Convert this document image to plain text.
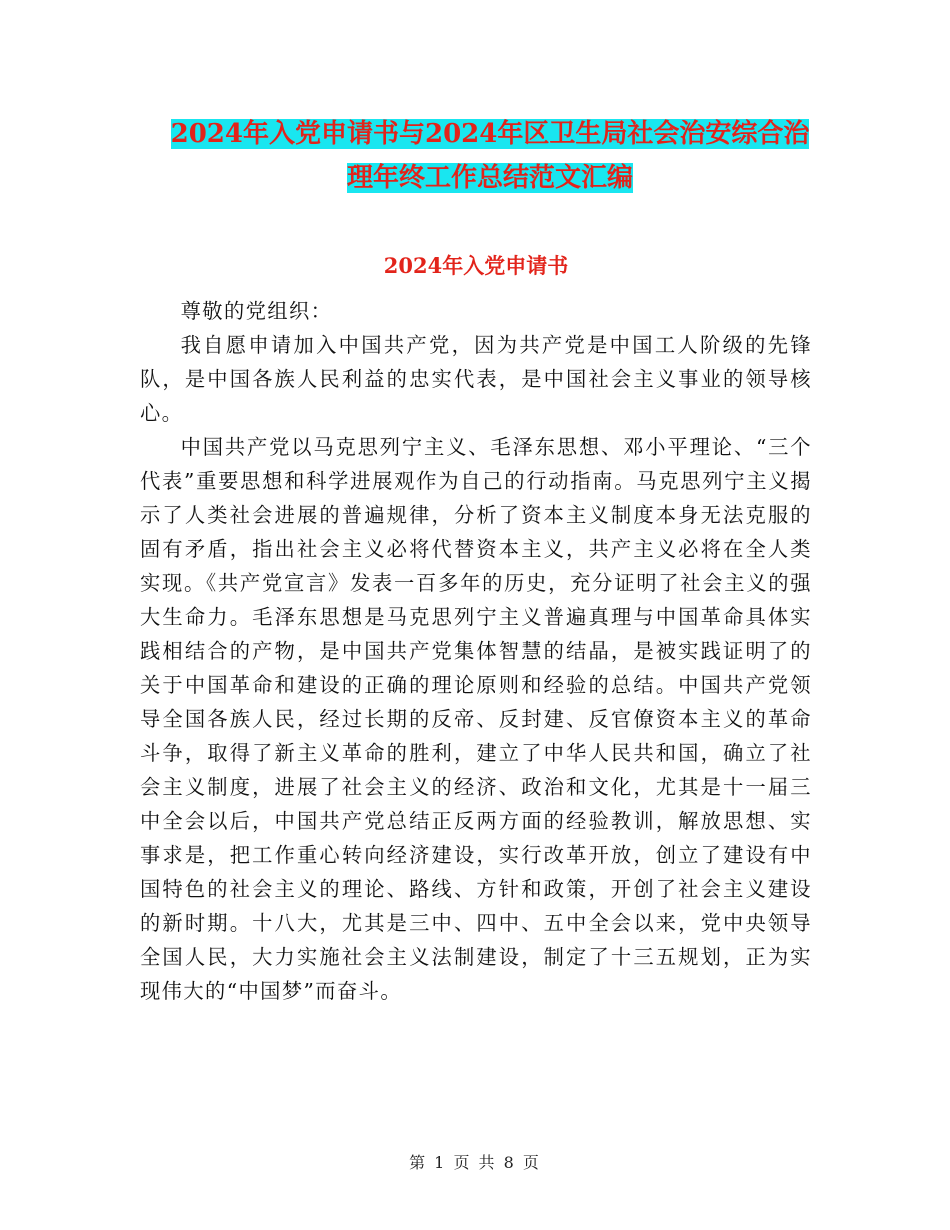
2024年入党申请书与2024年区卫生局社会治安综合治
理年终工作总结范文汇编
2024年入党申请书

尊敬的党组织：

我自愿申请加入中国共产党，因为共产党是中国工人阶级的先锋队，是中国各族人民利益的忠实代表，是中国社会主义事业的领导核心。

中国共产党以马克思列宁主义、毛泽东思想、邓小平理论、“三个代表”重要思想和科学进展观作为自己的行动指南。马克思列宁主义揭示了人类社会进展的普遍规律，分析了资本主义制度本身无法克服的固有矛盾，指出社会主义必将代替资本主义，共产主义必将在全人类实现。《共产党宣言》发表一百多年的历史，充分证明了社会主义的强大生命力。毛泽东思想是马克思列宁主义普遍真理与中国革命具体实践相结合的产物，是中国共产党集体智慧的结晶，是被实践证明了的关于中国革命和建设的正确的理论原则和经验的总结。中国共产党领导全国各族人民，经过长期的反帝、反封建、反官僚资本主义的革命斗争，取得了新主义革命的胜利，建立了中华人民共和国，确立了社会主义制度，进展了社会主义的经济、政治和文化，尤其是十一届三中全会以后，中国共产党总结正反两方面的经验教训，解放思想、实事求是，把工作重心转向经济建设，实行改革开放，创立了建设有中国特色的社会主义的理论、路线、方针和政策，开创了社会主义建设的新时期。十八大，尤其是三中、四中、五中全会以来，党中央领导全国人民，大力实施社会主义法制建设，制定了十三五规划，正为实现伟大的“中国梦”而奋斗。

第 1 页 共 8 页
